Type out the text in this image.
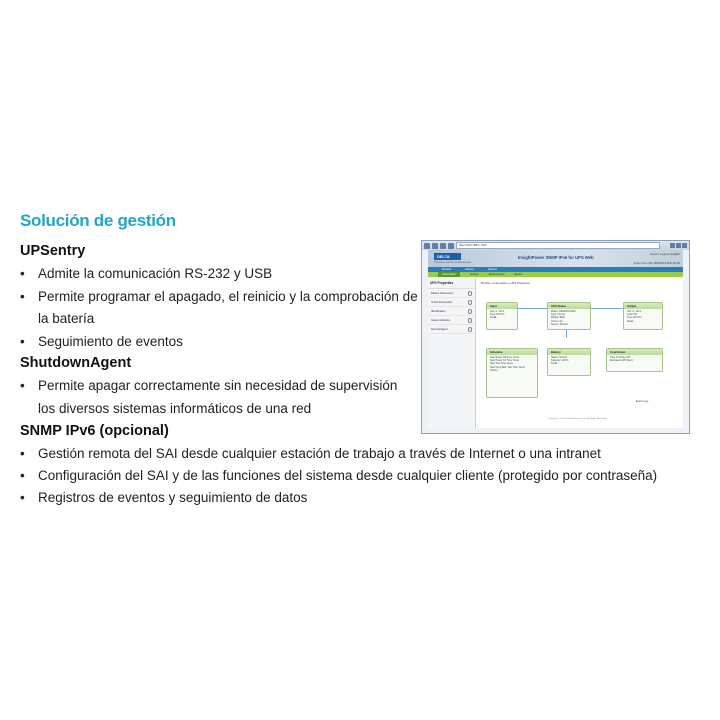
Solución de gestión
UPSentry
• Admite la comunicación RS-232 y USB
• Permite programar el apagado, el reinicio y la comprobación de
la batería
• Seguimiento de eventos
ShutdownAgent
• Permite apagar correctamente sin necesidad de supervisión
los diversos sistemas informáticos de una red
SNMP IPv6 (opcional)
• Gestión remota del SAI desde cualquier estación de trabajo a través de Internet o una intranet
• Configuración del SAI y de las funciones del sistema desde cualquier cliente (protegido por contraseña)
• Registros de eventos y seguimiento de datos
http://192.168.1.100/
DELTA
The power behind competitiveness
InsightPower SNMP IPv6 for UPS Web
Home | Logout | English
System Time: Mon 08/08/2013 08:01:50 AM
Monitor	Device	System
Information	History	Environment	About
UPS Properties
Battery Parameters
In/Out Parameters
Identification
Status Indication
Devices/Agent
Monitor » Information » UPS Properties
Input
Volt. in: 111.0
Freq: 60.0 Hz
Detail...
UPS Status
Model: GES203N 3000
Type: On-line
Rating: 3kVA
Comm: Ok
Source: Normal
Output
Volt. in: 110.1
Load: 8%
Freq: 60.0 Hz
Detail...
Schedule
Next Power Off Time: None
Next Power On Time: None
Next Test Time: None
Next Deep Batt. Test Time: None
History...
Battery
Status: Normal
Capacity: 100 %
Detail...
Countdown
Time To Power Off:
Estimated UPS (Sec):
Event Log...
Copyright © 2011 Delta Electronics, Inc. All Rights Reserved.
